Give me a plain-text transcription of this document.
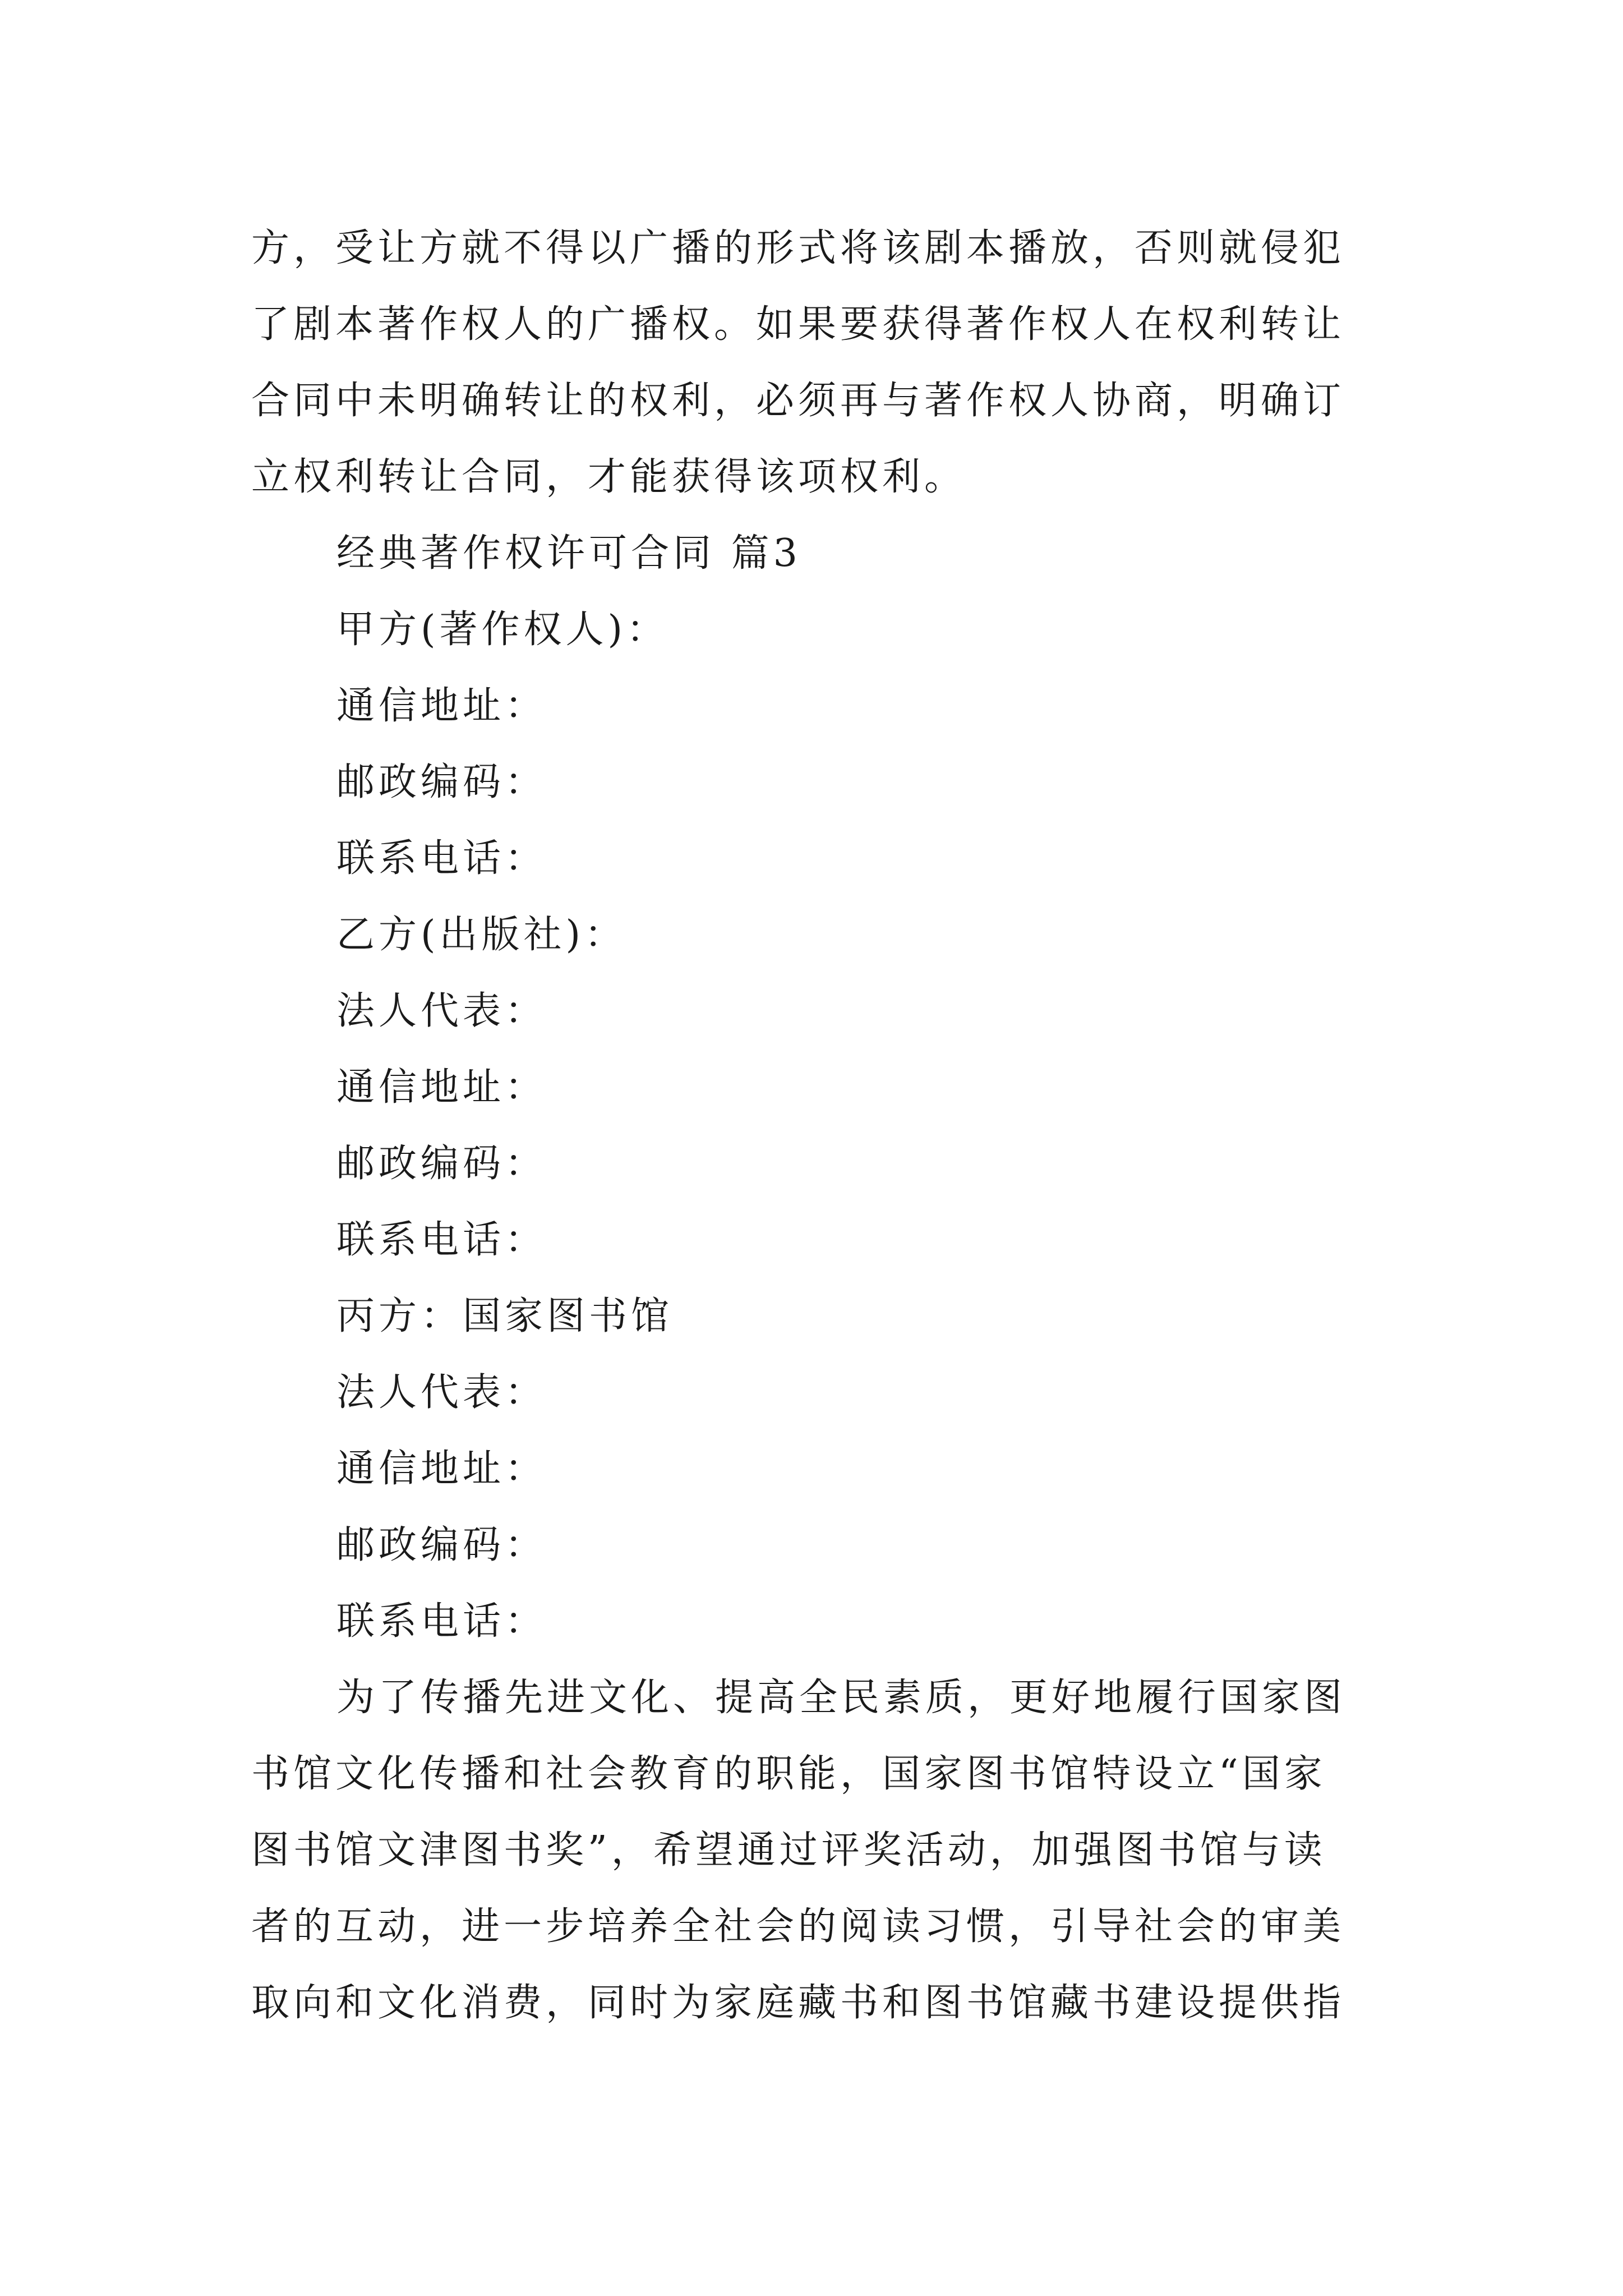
方，受让方就不得以广播的形式将该剧本播放，否则就侵犯
了剧本著作权人的广播权。如果要获得著作权人在权利转让
合同中未明确转让的权利，必须再与著作权人协商，明确订
立权利转让合同，才能获得该项权利。
经典著作权许可合同 篇3
甲方(著作权人)：
通信地址：
邮政编码：
联系电话：
乙方(出版社)：
法人代表：
通信地址：
邮政编码：
联系电话：
丙方：国家图书馆
法人代表：
通信地址：
邮政编码：
联系电话：
为了传播先进文化、提高全民素质，更好地履行国家图
书馆文化传播和社会教育的职能，国家图书馆特设立“国家
图书馆文津图书奖”，希望通过评奖活动，加强图书馆与读
者的互动，进一步培养全社会的阅读习惯，引导社会的审美
取向和文化消费，同时为家庭藏书和图书馆藏书建设提供指
